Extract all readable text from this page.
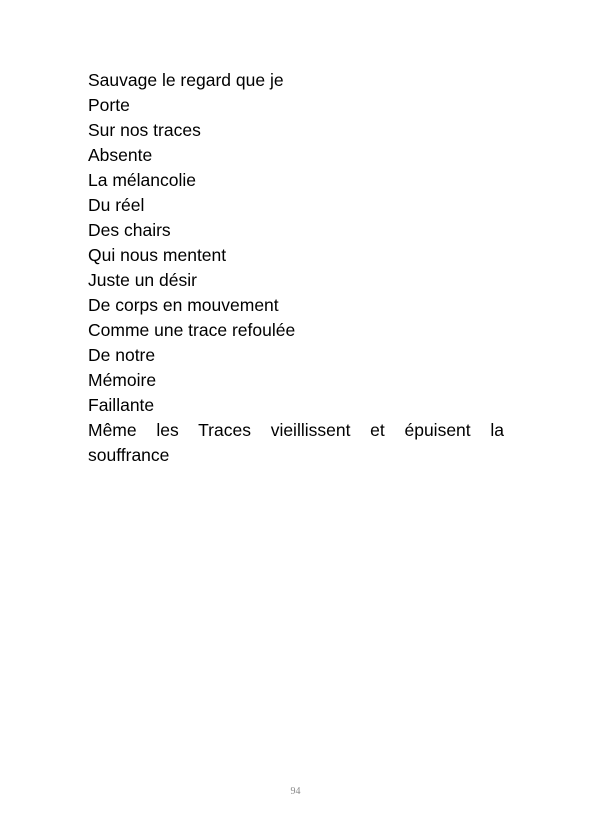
Sauvage le regard que je
Porte
Sur nos traces
Absente
La mélancolie
Du réel
Des chairs
Qui nous mentent
Juste un désir
De corps en mouvement
Comme une trace refoulée
De notre
Mémoire
Faillante
Même les Traces vieillissent et épuisent la
souffrance
94
